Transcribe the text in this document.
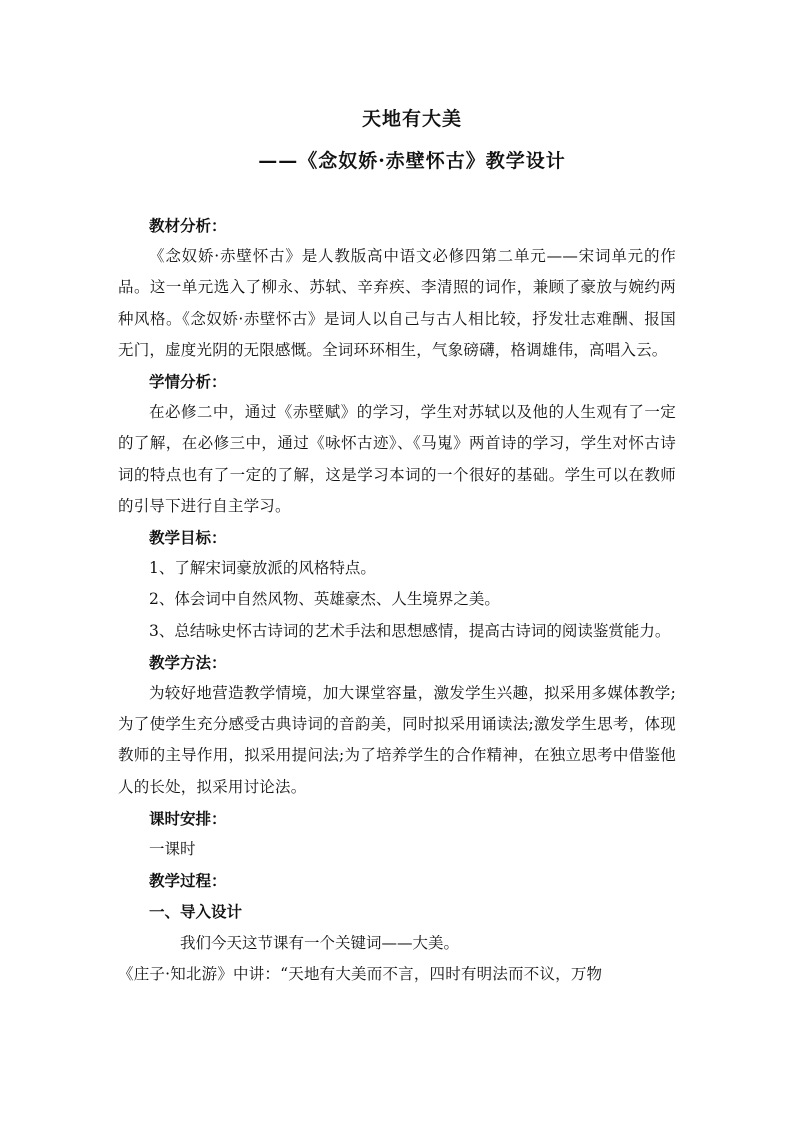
天地有大美
——《念奴娇·赤壁怀古》教学设计

教材分析：

《念奴娇·赤壁怀古》是人教版高中语文必修四第二单元——宋词单元的作品。这一单元选入了柳永、苏轼、辛弃疾、李清照的词作，兼顾了豪放与婉约两种风格。《念奴娇·赤壁怀古》是词人以自己与古人相比较，抒发壮志难酬、报国无门，虚度光阴的无限感慨。全词环环相生，气象磅礴，格调雄伟，高唱入云。

学情分析：

在必修二中，通过《赤壁赋》的学习，学生对苏轼以及他的人生观有了一定的了解，在必修三中，通过《咏怀古迹》、《马嵬》两首诗的学习，学生对怀古诗词的特点也有了一定的了解，这是学习本词的一个很好的基础。学生可以在教师的引导下进行自主学习。

教学目标：

1、了解宋词豪放派的风格特点。

2、体会词中自然风物、英雄豪杰、人生境界之美。

3、总结咏史怀古诗词的艺术手法和思想感情，提高古诗词的阅读鉴赏能力。

教学方法：

为较好地营造教学情境，加大课堂容量，激发学生兴趣，拟采用多媒体教学;为了使学生充分感受古典诗词的音韵美，同时拟采用诵读法;激发学生思考，体现教师的主导作用，拟采用提问法;为了培养学生的合作精神，在独立思考中借鉴他人的长处，拟采用讨论法。

课时安排：

一课时

教学过程：

一、导入设计

我们今天这节课有一个关键词——大美。

《庄子·知北游》中讲：“天地有大美而不言，四时有明法而不议，万物
